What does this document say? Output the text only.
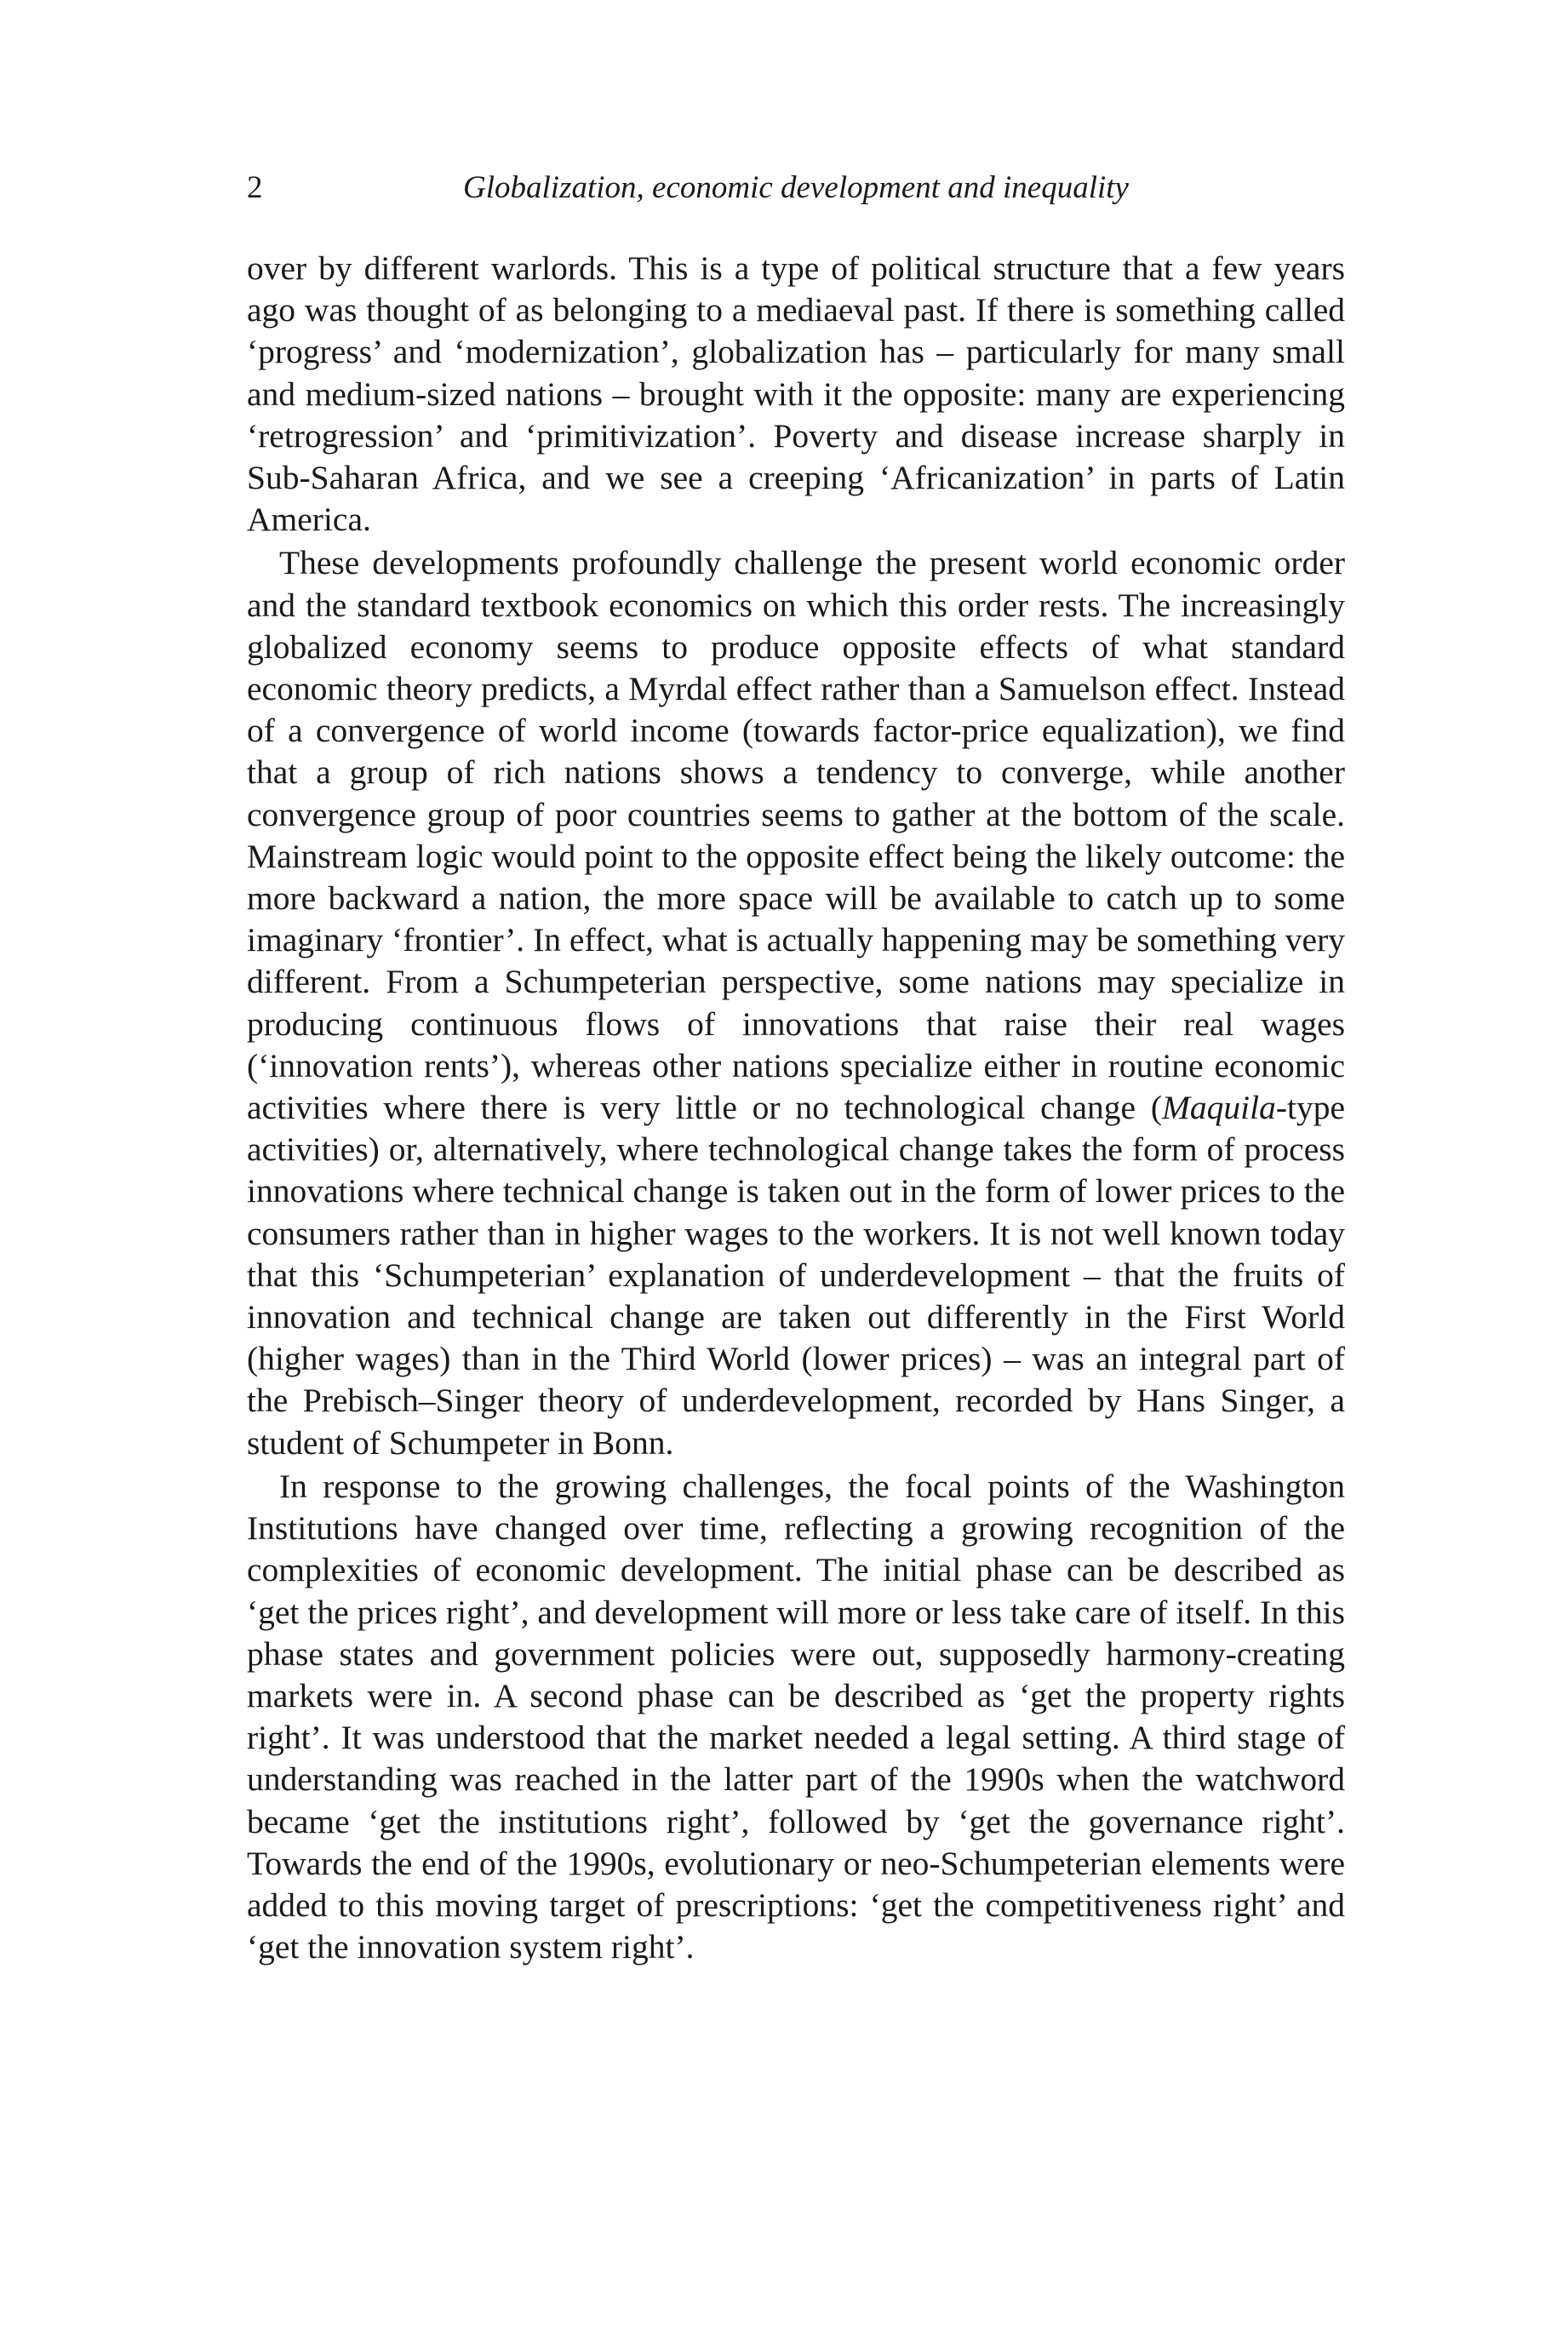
2	Globalization, economic development and inequality

over by different warlords. This is a type of political structure that a few years ago was thought of as belonging to a mediaeval past. If there is something called ‘progress’ and ‘modernization’, globalization has – particularly for many small and medium-sized nations – brought with it the opposite: many are experiencing ‘retrogression’ and ‘primitivization’. Poverty and disease increase sharply in Sub-Saharan Africa, and we see a creeping ‘Africanization’ in parts of Latin America.

These developments profoundly challenge the present world economic order and the standard textbook economics on which this order rests. The increasingly globalized economy seems to produce opposite effects of what standard economic theory predicts, a Myrdal effect rather than a Samuelson effect. Instead of a convergence of world income (towards factor-price equalization), we find that a group of rich nations shows a tendency to converge, while another convergence group of poor countries seems to gather at the bottom of the scale. Mainstream logic would point to the opposite effect being the likely outcome: the more backward a nation, the more space will be available to catch up to some imaginary ‘frontier’. In effect, what is actually happening may be something very different. From a Schumpeterian perspective, some nations may specialize in producing continuous flows of innovations that raise their real wages (‘innovation rents’), whereas other nations specialize either in routine economic activities where there is very little or no technological change (Maquila-type activities) or, alternatively, where technological change takes the form of process innovations where technical change is taken out in the form of lower prices to the consumers rather than in higher wages to the workers. It is not well known today that this ‘Schumpeterian’ explanation of underdevelopment – that the fruits of innovation and technical change are taken out differently in the First World (higher wages) than in the Third World (lower prices) – was an integral part of the Prebisch–Singer theory of underdevelopment, recorded by Hans Singer, a student of Schumpeter in Bonn.

In response to the growing challenges, the focal points of the Washington Institutions have changed over time, reflecting a growing recognition of the complexities of economic development. The initial phase can be described as ‘get the prices right’, and development will more or less take care of itself. In this phase states and government policies were out, supposedly harmony-creating markets were in. A second phase can be described as ‘get the property rights right’. It was understood that the market needed a legal setting. A third stage of understanding was reached in the latter part of the 1990s when the watchword became ‘get the institutions right’, followed by ‘get the governance right’. Towards the end of the 1990s, evolutionary or neo-Schumpeterian elements were added to this moving target of prescriptions: ‘get the competitiveness right’ and ‘get the innovation system right’.
